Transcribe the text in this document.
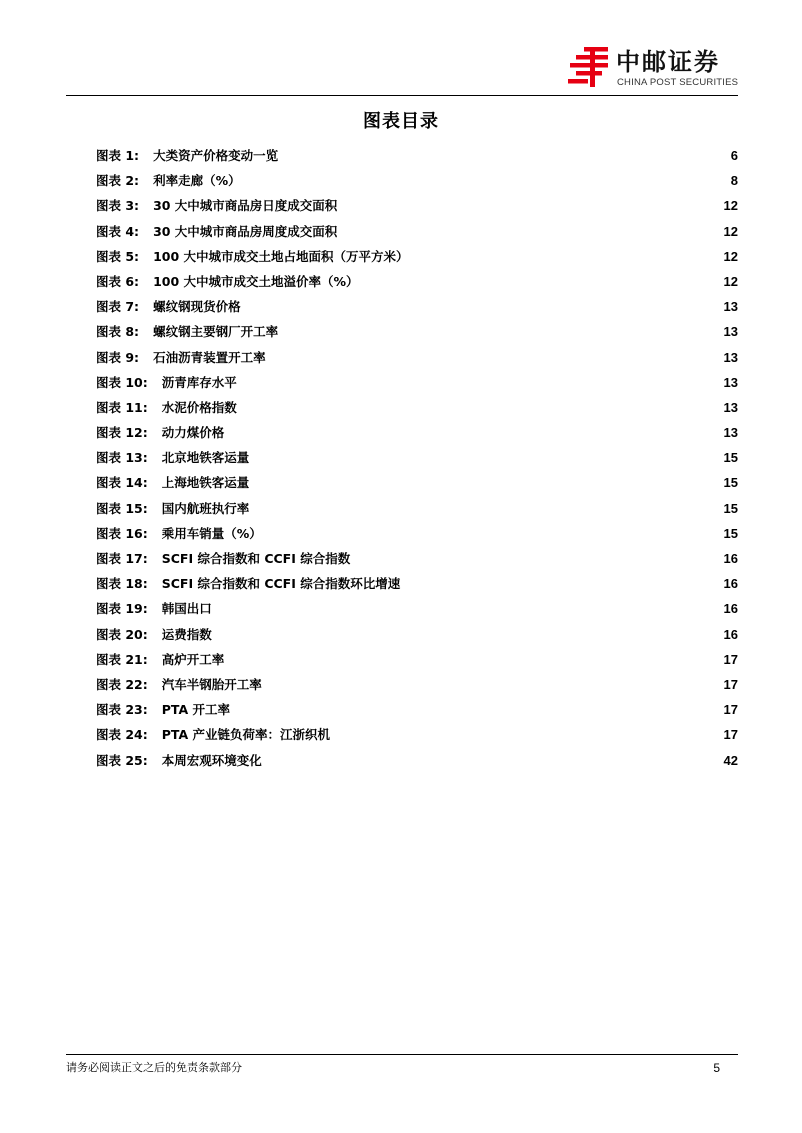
中邮证券
CHINA POST SECURITIES
图表目录
图表 1: 大类资产价格变动一览	6
图表 2: 利率走廊（%）	8
图表 3: 30 大中城市商品房日度成交面积	12
图表 4: 30 大中城市商品房周度成交面积	12
图表 5: 100 大中城市成交土地占地面积（万平方米）	12
图表 6: 100 大中城市成交土地溢价率（%）	12
图表 7: 螺纹钢现货价格	13
图表 8: 螺纹钢主要钢厂开工率	13
图表 9: 石油沥青装置开工率	13
图表 10: 沥青库存水平	13
图表 11: 水泥价格指数	13
图表 12: 动力煤价格	13
图表 13: 北京地铁客运量	15
图表 14: 上海地铁客运量	15
图表 15: 国内航班执行率	15
图表 16: 乘用车销量（%）	15
图表 17: SCFI 综合指数和 CCFI 综合指数	16
图表 18: SCFI 综合指数和 CCFI 综合指数环比增速	16
图表 19: 韩国出口	16
图表 20: 运费指数	16
图表 21: 高炉开工率	17
图表 22: 汽车半钢胎开工率	17
图表 23: PTA 开工率	17
图表 24: PTA 产业链负荷率：江浙织机	17
图表 25: 本周宏观环境变化	42
请务必阅读正文之后的免责条款部分	5
